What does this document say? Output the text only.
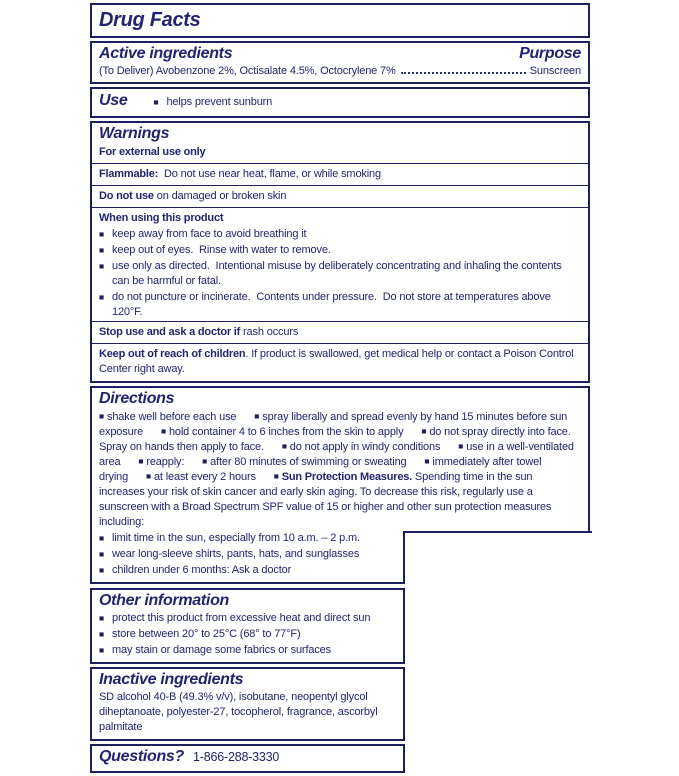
Drug Facts
Active ingredients	Purpose
(To Deliver) Avobenzone 2%, Octisalate 4.5%, Octocrylene 7%	Sunscreen
Use	■ helps prevent sunburn
Warnings

For external use only

Flammable:  Do not use near heat, flame, or while smoking

Do not use on damaged or broken skin

When using this product

■ keep away from face to avoid breathing it
■ keep out of eyes.  Rinse with water to remove.
■ use only as directed.  Intentional misuse by deliberately concentrating and inhaling the contents can be harmful or fatal.
■ do not puncture or incinerate.  Contents under pressure.  Do not store at temperatures above 120°F.

Stop use and ask a doctor if rash occurs

Keep out of reach of children. If product is swallowed, get medical help or contact a Poison Control Center right away.

Directions
■ shake well before each use ■ spray liberally and spread evenly by hand 15 minutes before sun exposure ■ hold container 4 to 6 inches from the skin to apply ■ do not spray directly into face. Spray on hands then apply to face. ■ do not apply in windy conditions ■ use in a well-ventilated area ■ reapply: ■ after 80 minutes of swimming or sweating ■ immediately after towel drying ■ at least every 2 hours ■ Sun Protection Measures. Spending time in the sun increases your risk of skin cancer and early skin aging. To decrease this risk, regularly use a sunscreen with a Broad Spectrum SPF value of 15 or higher and other sun protection measures including:
■ limit time in the sun, especially from 10 a.m. – 2 p.m.
■ wear long-sleeve shirts, pants, hats, and sunglasses
■ children under 6 months: Ask a doctor
Other information
■ protect this product from excessive heat and direct sun
■ store between 20° to 25°C (68° to 77°F)
■ may stain or damage some fabrics or surfaces
Inactive ingredients

SD alcohol 40-B (49.3% v/v), isobutane, neopentyl glycol diheptanoate, polyester-27, tocopherol, fragrance, ascorbyl palmitate

Questions? 1-866-288-3330
